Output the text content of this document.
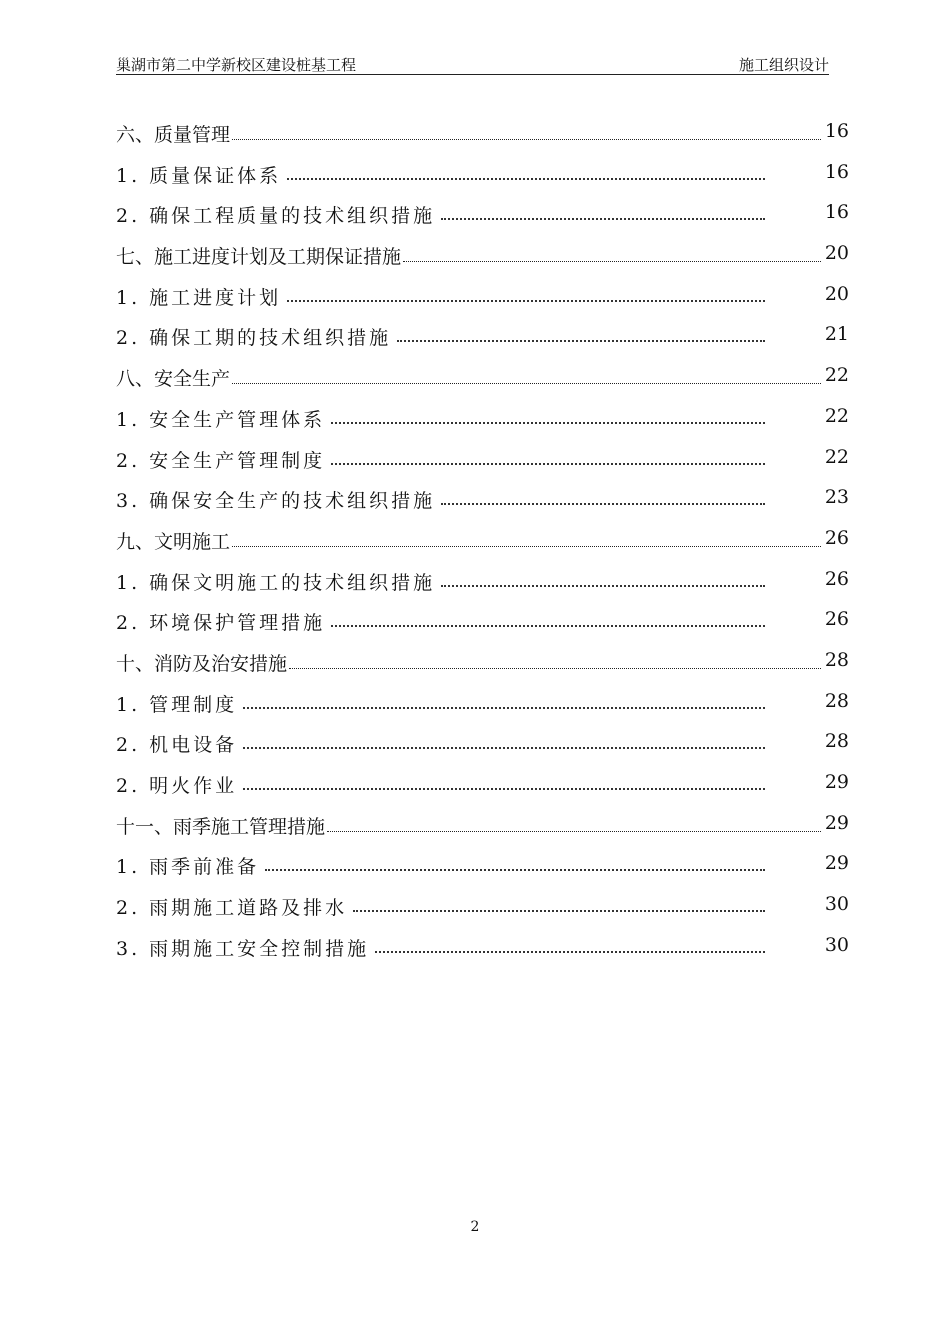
巢湖市第二中学新校区建设桩基工程	施工组织设计
六、质量管理	16
1. 质量保证体系	16
2. 确保工程质量的技术组织措施	16
七、施工进度计划及工期保证措施	20
1. 施工进度计划	20
2. 确保工期的技术组织措施	21
八、安全生产	22
1. 安全生产管理体系	22
2. 安全生产管理制度	22
3. 确保安全生产的技术组织措施	23
九、文明施工	26
1. 确保文明施工的技术组织措施	26
2. 环境保护管理措施	26
十、消防及治安措施	28
1. 管理制度	28
2. 机电设备	28
2. 明火作业	29
十一、雨季施工管理措施	29
1. 雨季前准备	29
2. 雨期施工道路及排水	30
3. 雨期施工安全控制措施	30
2
